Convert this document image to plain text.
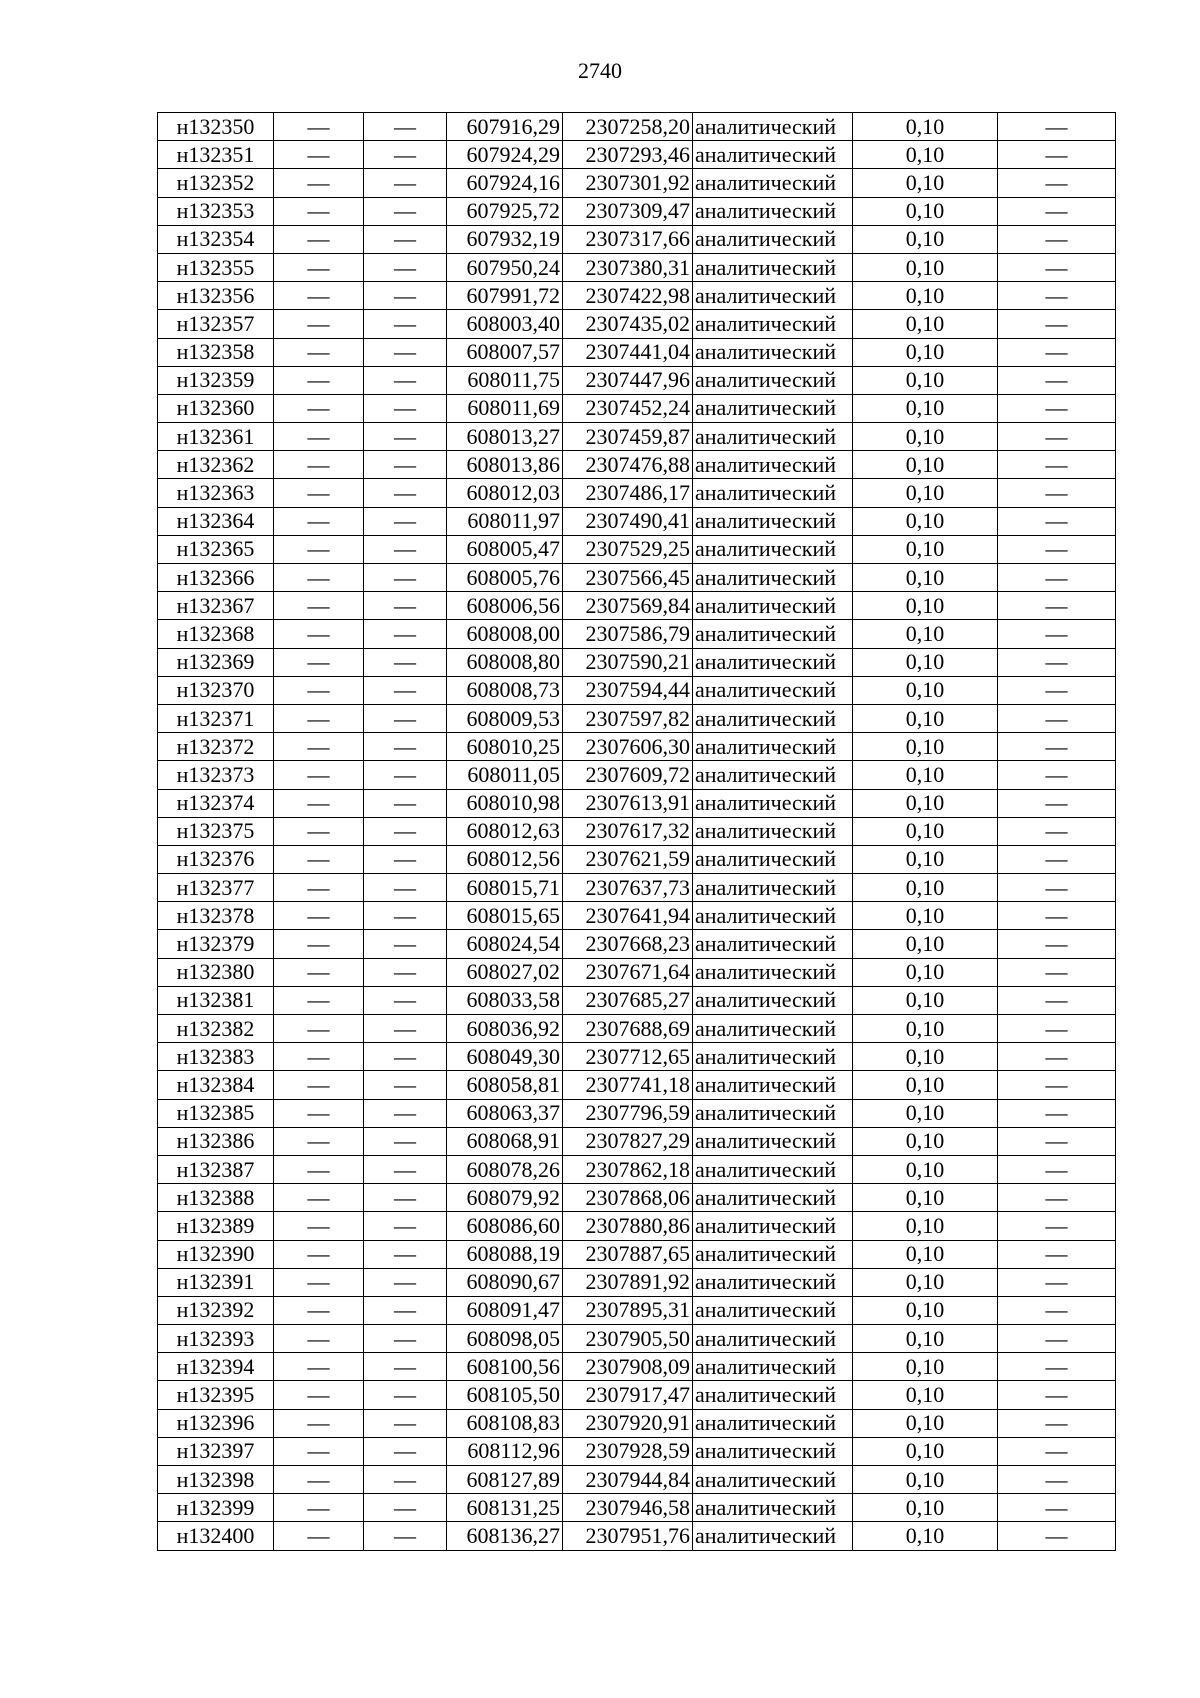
2740
н132350	—	—	607916,29	2307258,20	аналитический	0,10	—
н132351	—	—	607924,29	2307293,46	аналитический	0,10	—
н132352	—	—	607924,16	2307301,92	аналитический	0,10	—
н132353	—	—	607925,72	2307309,47	аналитический	0,10	—
н132354	—	—	607932,19	2307317,66	аналитический	0,10	—
н132355	—	—	607950,24	2307380,31	аналитический	0,10	—
н132356	—	—	607991,72	2307422,98	аналитический	0,10	—
н132357	—	—	608003,40	2307435,02	аналитический	0,10	—
н132358	—	—	608007,57	2307441,04	аналитический	0,10	—
н132359	—	—	608011,75	2307447,96	аналитический	0,10	—
н132360	—	—	608011,69	2307452,24	аналитический	0,10	—
н132361	—	—	608013,27	2307459,87	аналитический	0,10	—
н132362	—	—	608013,86	2307476,88	аналитический	0,10	—
н132363	—	—	608012,03	2307486,17	аналитический	0,10	—
н132364	—	—	608011,97	2307490,41	аналитический	0,10	—
н132365	—	—	608005,47	2307529,25	аналитический	0,10	—
н132366	—	—	608005,76	2307566,45	аналитический	0,10	—
н132367	—	—	608006,56	2307569,84	аналитический	0,10	—
н132368	—	—	608008,00	2307586,79	аналитический	0,10	—
н132369	—	—	608008,80	2307590,21	аналитический	0,10	—
н132370	—	—	608008,73	2307594,44	аналитический	0,10	—
н132371	—	—	608009,53	2307597,82	аналитический	0,10	—
н132372	—	—	608010,25	2307606,30	аналитический	0,10	—
н132373	—	—	608011,05	2307609,72	аналитический	0,10	—
н132374	—	—	608010,98	2307613,91	аналитический	0,10	—
н132375	—	—	608012,63	2307617,32	аналитический	0,10	—
н132376	—	—	608012,56	2307621,59	аналитический	0,10	—
н132377	—	—	608015,71	2307637,73	аналитический	0,10	—
н132378	—	—	608015,65	2307641,94	аналитический	0,10	—
н132379	—	—	608024,54	2307668,23	аналитический	0,10	—
н132380	—	—	608027,02	2307671,64	аналитический	0,10	—
н132381	—	—	608033,58	2307685,27	аналитический	0,10	—
н132382	—	—	608036,92	2307688,69	аналитический	0,10	—
н132383	—	—	608049,30	2307712,65	аналитический	0,10	—
н132384	—	—	608058,81	2307741,18	аналитический	0,10	—
н132385	—	—	608063,37	2307796,59	аналитический	0,10	—
н132386	—	—	608068,91	2307827,29	аналитический	0,10	—
н132387	—	—	608078,26	2307862,18	аналитический	0,10	—
н132388	—	—	608079,92	2307868,06	аналитический	0,10	—
н132389	—	—	608086,60	2307880,86	аналитический	0,10	—
н132390	—	—	608088,19	2307887,65	аналитический	0,10	—
н132391	—	—	608090,67	2307891,92	аналитический	0,10	—
н132392	—	—	608091,47	2307895,31	аналитический	0,10	—
н132393	—	—	608098,05	2307905,50	аналитический	0,10	—
н132394	—	—	608100,56	2307908,09	аналитический	0,10	—
н132395	—	—	608105,50	2307917,47	аналитический	0,10	—
н132396	—	—	608108,83	2307920,91	аналитический	0,10	—
н132397	—	—	608112,96	2307928,59	аналитический	0,10	—
н132398	—	—	608127,89	2307944,84	аналитический	0,10	—
н132399	—	—	608131,25	2307946,58	аналитический	0,10	—
н132400	—	—	608136,27	2307951,76	аналитический	0,10	—
